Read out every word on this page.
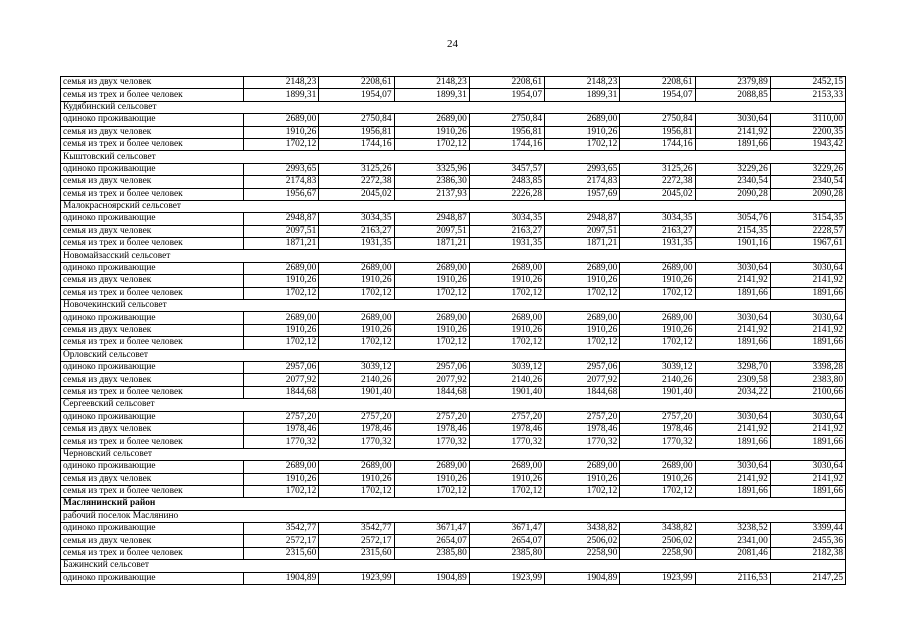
24
семья из двух человек	2148,23	2208,61	2148,23	2208,61	2148,23	2208,61	2379,89	2452,15
семья из трех и более человек	1899,31	1954,07	1899,31	1954,07	1899,31	1954,07	2088,85	2153,33
Кудябинский сельсовет								
одиноко проживающие	2689,00	2750,84	2689,00	2750,84	2689,00	2750,84	3030,64	3110,00
семья из двух человек	1910,26	1956,81	1910,26	1956,81	1910,26	1956,81	2141,92	2200,35
семья из трех и более человек	1702,12	1744,16	1702,12	1744,16	1702,12	1744,16	1891,66	1943,42
Кыштовский сельсовет								
одиноко проживающие	2993,65	3125,26	3325,96	3457,57	2993,65	3125,26	3229,26	3229,26
семья из двух человек	2174,83	2272,38	2386,30	2483,85	2174,83	2272,38	2340,54	2340,54
семья из трех и более человек	1956,67	2045,02	2137,93	2226,28	1957,69	2045,02	2090,28	2090,28
Малокрасноярский сельсовет								
одиноко проживающие	2948,87	3034,35	2948,87	3034,35	2948,87	3034,35	3054,76	3154,35
семья из двух человек	2097,51	2163,27	2097,51	2163,27	2097,51	2163,27	2154,35	2228,57
семья из трех и более человек	1871,21	1931,35	1871,21	1931,35	1871,21	1931,35	1901,16	1967,61
Новомайзасский сельсовет								
одиноко проживающие	2689,00	2689,00	2689,00	2689,00	2689,00	2689,00	3030,64	3030,64
семья из двух человек	1910,26	1910,26	1910,26	1910,26	1910,26	1910,26	2141,92	2141,92
семья из трех и более человек	1702,12	1702,12	1702,12	1702,12	1702,12	1702,12	1891,66	1891,66
Новочекинский сельсовет								
одиноко проживающие	2689,00	2689,00	2689,00	2689,00	2689,00	2689,00	3030,64	3030,64
семья из двух человек	1910,26	1910,26	1910,26	1910,26	1910,26	1910,26	2141,92	2141,92
семья из трех и более человек	1702,12	1702,12	1702,12	1702,12	1702,12	1702,12	1891,66	1891,66
Орловский сельсовет								
одиноко проживающие	2957,06	3039,12	2957,06	3039,12	2957,06	3039,12	3298,70	3398,28
семья из двух человек	2077,92	2140,26	2077,92	2140,26	2077,92	2140,26	2309,58	2383,80
семья из трех и более человек	1844,68	1901,40	1844,68	1901,40	1844,68	1901,40	2034,22	2100,66
Сергеевский сельсовет								
одиноко проживающие	2757,20	2757,20	2757,20	2757,20	2757,20	2757,20	3030,64	3030,64
семья из двух человек	1978,46	1978,46	1978,46	1978,46	1978,46	1978,46	2141,92	2141,92
семья из трех и более человек	1770,32	1770,32	1770,32	1770,32	1770,32	1770,32	1891,66	1891,66
Черновский сельсовет								
одиноко проживающие	2689,00	2689,00	2689,00	2689,00	2689,00	2689,00	3030,64	3030,64
семья из двух человек	1910,26	1910,26	1910,26	1910,26	1910,26	1910,26	2141,92	2141,92
семья из трех и более человек	1702,12	1702,12	1702,12	1702,12	1702,12	1702,12	1891,66	1891,66
Маслянинский район								
рабочий поселок Маслянино								
одиноко проживающие	3542,77	3542,77	3671,47	3671,47	3438,82	3438,82	3238,52	3399,44
семья из двух человек	2572,17	2572,17	2654,07	2654,07	2506,02	2506,02	2341,00	2455,36
семья из трех и более человек	2315,60	2315,60	2385,80	2385,80	2258,90	2258,90	2081,46	2182,38
Бажинский сельсовет								
одиноко проживающие	1904,89	1923,99	1904,89	1923,99	1904,89	1923,99	2116,53	2147,25
